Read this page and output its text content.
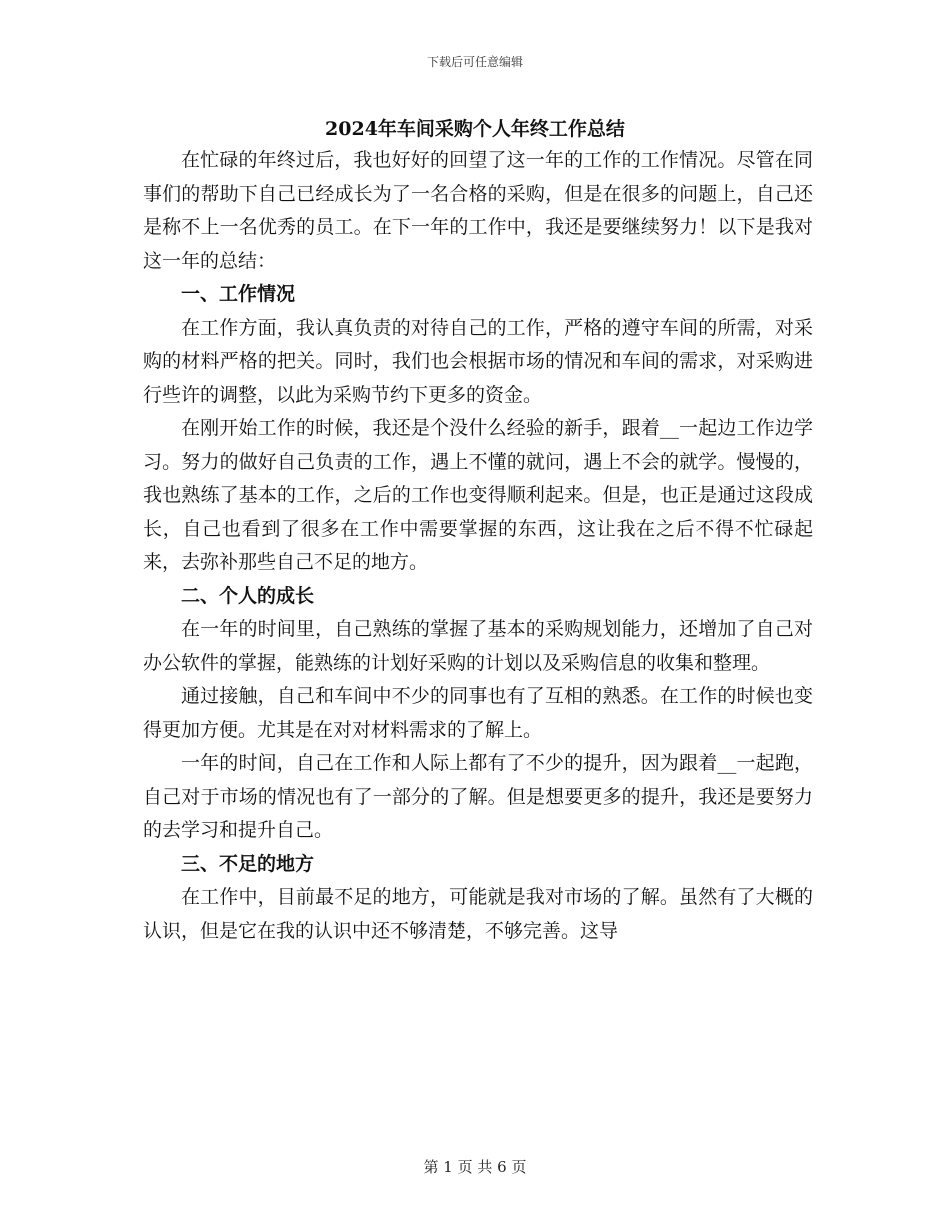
下载后可任意编辑
2024年车间采购个人年终工作总结

在忙碌的年终过后，我也好好的回望了这一年的工作的工作情况。尽管在同事们的帮助下自己已经成长为了一名合格的采购，但是在很多的问题上，自己还是称不上一名优秀的员工。在下一年的工作中，我还是要继续努力！以下是我对这一年的总结：

一、工作情况

在工作方面，我认真负责的对待自己的工作，严格的遵守车间的所需，对采购的材料严格的把关。同时，我们也会根据市场的情况和车间的需求，对采购进行些许的调整，以此为采购节约下更多的资金。

在刚开始工作的时候，我还是个没什么经验的新手，跟着__一起边工作边学习。努力的做好自己负责的工作，遇上不懂的就问，遇上不会的就学。慢慢的，我也熟练了基本的工作，之后的工作也变得顺利起来。但是，也正是通过这段成长，自己也看到了很多在工作中需要掌握的东西，这让我在之后不得不忙碌起来，去弥补那些自己不足的地方。

二、个人的成长

在一年的时间里，自己熟练的掌握了基本的采购规划能力，还增加了自己对办公软件的掌握，能熟练的计划好采购的计划以及采购信息的收集和整理。

通过接触，自己和车间中不少的同事也有了互相的熟悉。在工作的时候也变得更加方便。尤其是在对对材料需求的了解上。

一年的时间，自己在工作和人际上都有了不少的提升，因为跟着__一起跑，自己对于市场的情况也有了一部分的了解。但是想要更多的提升，我还是要努力的去学习和提升自己。

三、不足的地方

在工作中，目前最不足的地方，可能就是我对市场的了解。虽然有了大概的认识，但是它在我的认识中还不够清楚，不够完善。这导

第 1 页 共 6 页
